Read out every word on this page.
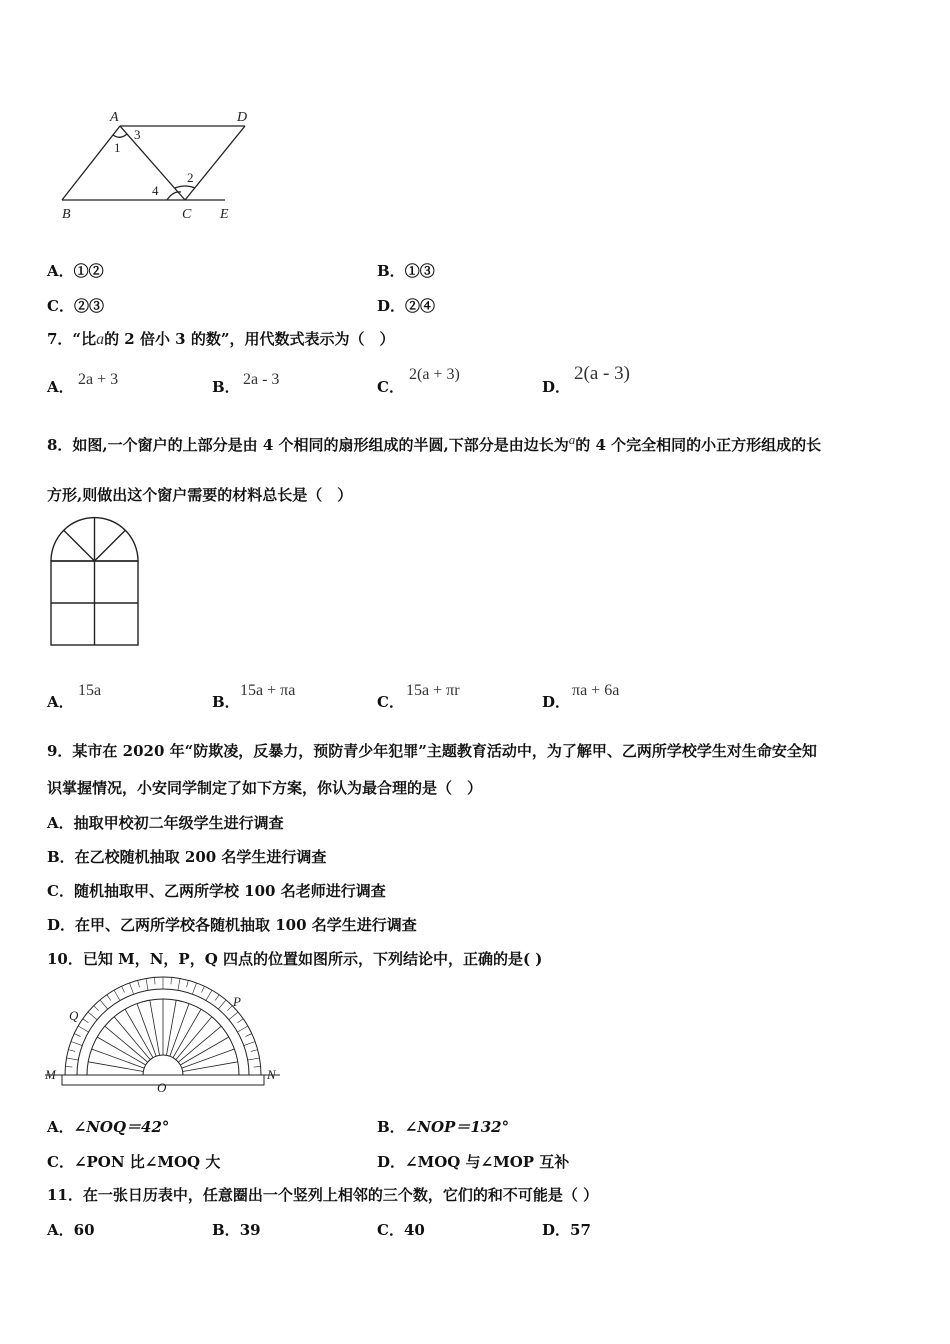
A	D
B	C E
1
3
2
4
A．①②	B．①③
C．②③	D．②④
7．“比a的 2 倍小 3 的数”，用代数式表示为（　）
A． 2a + 3	B． 2a - 3	C．
2(a + 3)
D．
2(a - 3)
8．如图,一个窗户的上部分是由 4 个相同的扇形组成的半圆,下部分是由边长为a的 4 个完全相同的小正方形组成的长
方形,则做出这个窗户需要的材料总长是（　）
A．
15a
B．
15a + πa
C．
15a + πr
D．
πa + 6a
9．某市在 2020 年“防欺凌，反暴力，预防青少年犯罪”主题教育活动中，为了解甲、乙两所学校学生对生命安全知
识掌握情况，小安同学制定了如下方案，你认为最合理的是（　）
A．抽取甲校初二年级学生进行调查
B．在乙校随机抽取 200 名学生进行调查
C．随机抽取甲、乙两所学校 100 名老师进行调查
D．在甲、乙两所学校各随机抽取 100 名学生进行调查
10．已知 M，N，P，Q 四点的位置如图所示，下列结论中，正确的是( )
M	N
P
Q
O
A．∠NOQ＝42°	B．∠NOP＝132°
C．∠PON 比∠MOQ 大	D．∠MOQ 与∠MOP 互补
11．在一张日历表中，任意圈出一个竖列上相邻的三个数，它们的和不可能是（ ）
A．60	B．39	C．40	D．57
